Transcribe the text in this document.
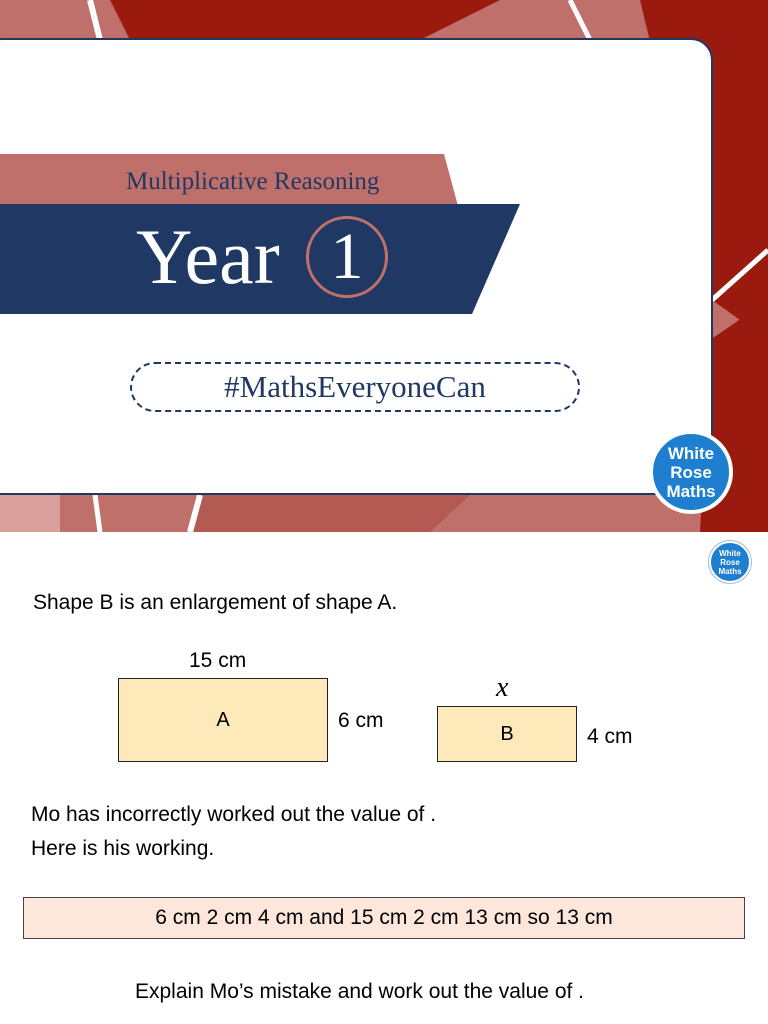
Multiplicative Reasoning
Year 1
#MathsEveryoneCan
White
Rose
Maths
White
Rose
Maths
Shape B is an enlargement of shape A.
15 cm
A	6 cm
x
B	4 cm
Mo has incorrectly worked out the value of .
Here is his working.
6 cm 2 cm 4 cm and 15 cm 2 cm 13 cm so 13 cm
Explain Mo’s mistake and work out the value of .
